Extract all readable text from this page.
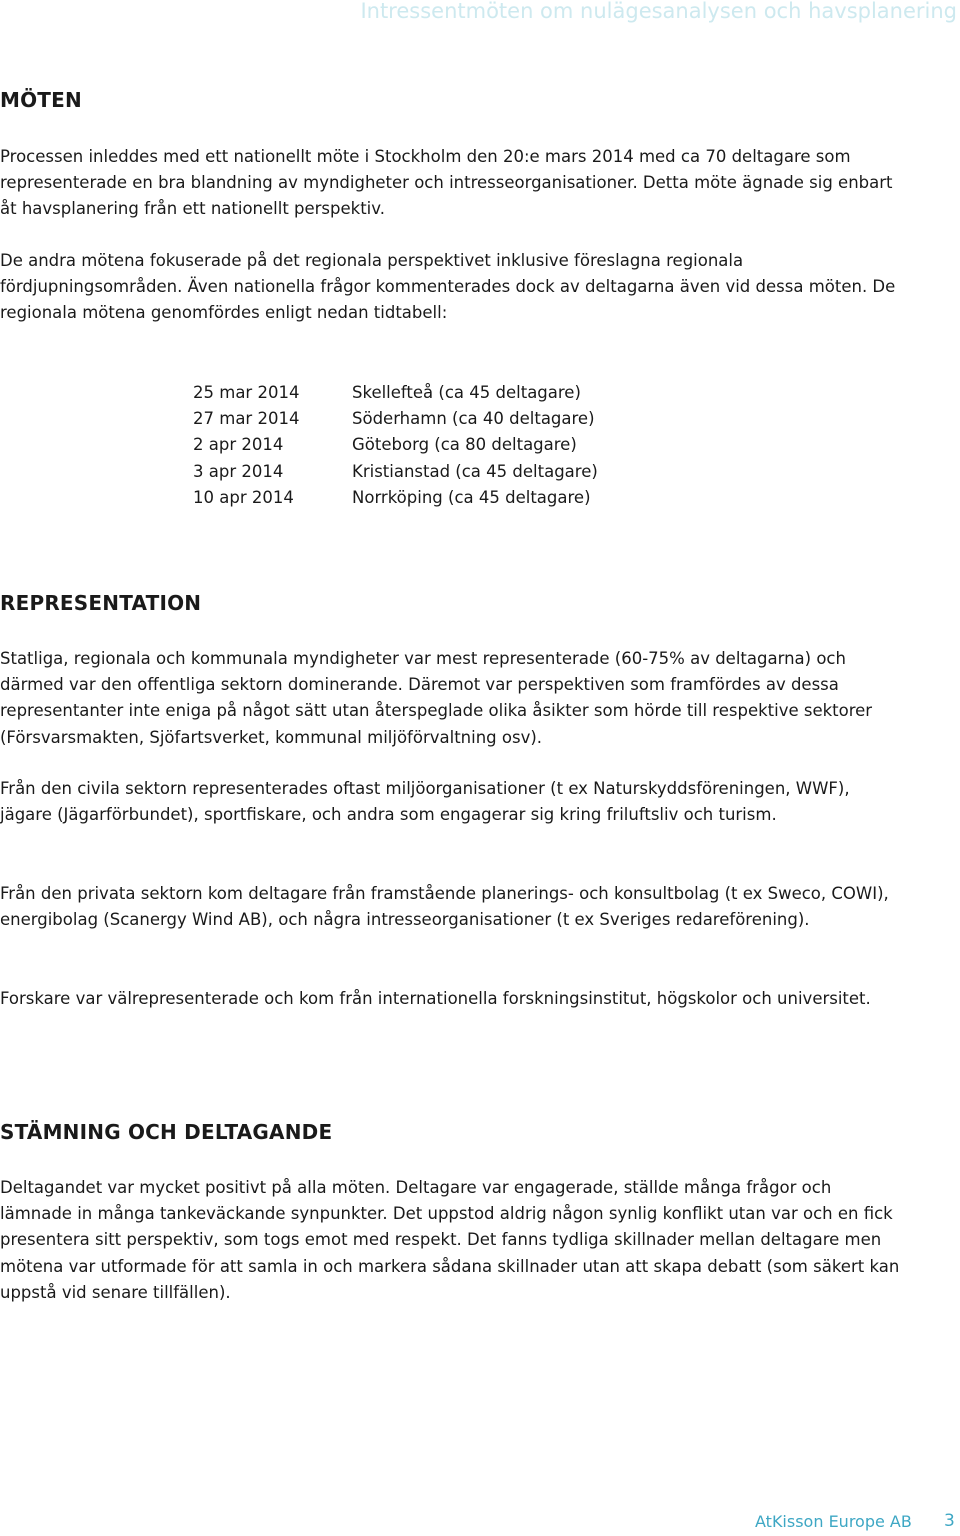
Intressentmöten om nulägesanalysen och havsplanering
MÖTEN

Processen inleddes med ett nationellt möte i Stockholm den 20:e mars 2014 med ca 70 deltagare som representerade en bra blandning av myndigheter och intresseorganisationer. Detta möte ägnade sig enbart åt havsplanering från ett nationellt perspektiv.

De andra mötena fokuserade på det regionala perspektivet inklusive föreslagna regionala fördjupningsområden. Även nationella frågor kommenterades dock av deltagarna även vid dessa möten. De regionala mötena genomfördes enligt nedan tidtabell:

25 mar 2014	Skellefteå (ca 45 deltagare)
27 mar 2014	Söderhamn (ca 40 deltagare)
2 apr 2014	Göteborg (ca 80 deltagare)
3 apr 2014	Kristianstad (ca 45 deltagare)
10 apr 2014	Norrköping (ca 45 deltagare)
REPRESENTATION

Statliga, regionala och kommunala myndigheter var mest representerade (60-75% av deltagarna) och därmed var den offentliga sektorn dominerande. Däremot var perspektiven som framfördes av dessa representanter inte eniga på något sätt utan återspeglade olika åsikter som hörde till respektive sektorer (Försvarsmakten, Sjöfartsverket, kommunal miljöförvaltning osv).

Från den civila sektorn representerades oftast miljöorganisationer (t ex Naturskyddsföreningen, WWF), jägare (Jägarförbundet), sportfiskare, och andra som engagerar sig kring friluftsliv och turism.

Från den privata sektorn kom deltagare från framstående planerings- och konsultbolag (t ex Sweco, COWI), energibolag (Scanergy Wind AB), och några intresseorganisationer (t ex Sveriges redareförening).

Forskare var välrepresenterade och kom från internationella forskningsinstitut, högskolor och universitet.

STÄMNING OCH DELTAGANDE

Deltagandet var mycket positivt på alla möten. Deltagare var engagerade, ställde många frågor och lämnade in många tankeväckande synpunkter. Det uppstod aldrig någon synlig konflikt utan var och en fick presentera sitt perspektiv, som togs emot med respekt. Det fanns tydliga skillnader mellan deltagare men mötena var utformade för att samla in och markera sådana skillnader utan att skapa debatt (som säkert kan uppstå vid senare tillfällen).

AtKisson Europe AB 3
